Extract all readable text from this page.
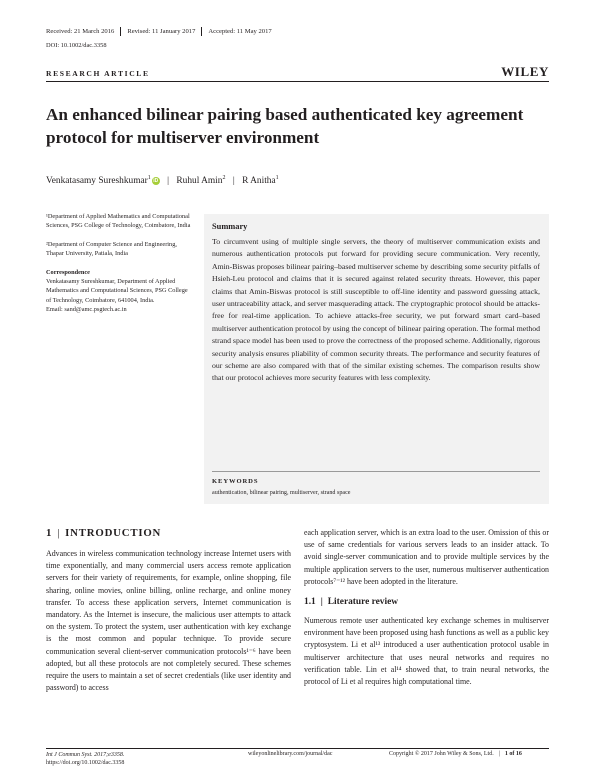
Received: 21 March 2016 Revised: 11 January 2017 Accepted: 11 May 2017
DOI: 10.1002/dac.3358
RESEARCH ARTICLE	WILEY
An enhanced bilinear pairing based authenticated key agreement protocol for multiserver environment
Venkatasamy Sureshkumar$^1$iD | Ruhul Amin$^2$ | R Anitha$^1$

¹Department of Applied Mathematics and Computational Sciences, PSG College of Technology, Coimbatore, India

²Department of Computer Science and Engineering, Thapar University, Patiala, India

Correspondence

Venkatasamy Sureshkumar, Department of Applied Mathematics and Computational Sciences, PSG College of Technology, Coimbatore, 641004, India.

Email: sand@amc.psgtech.ac.in

Summary

To circumvent using of multiple single servers, the theory of multiserver communication exists and numerous authentication protocols put forward for providing secure communication. Very recently, Amin-Biswas proposes bilinear pairing–based multiserver scheme by describing some security pitfalls of Hsieh-Leu protocol and claims that it is secured against related security threats. However, this paper claims that Amin-Biswas protocol is still susceptible to off-line identity and password guessing attack, user untraceability attack, and server masquerading attack. The cryptographic protocol should be attacks-free for real-time application. To achieve attacks-free security, we put forward smart card–based multiserver authentication protocol by using the concept of bilinear pairing operation. The formal method strand space model has been used to prove the correctness of the proposed scheme. Additionally, rigorous security analysis ensures pliability of common security threats. The performance and security features of our scheme are also compared with that of the similar existing schemes. The comparison results show that our protocol achieves more security features with less complexity.

KEYWORDS
authentication, bilinear pairing, multiserver, strand space
1 | INTRODUCTION

Advances in wireless communication technology increase Internet users with time exponentially, and many commercial users access remote application servers for their variety of requirements, for example, online shopping, file sharing, online movies, online billing, online recharge, and online money transfer. To access these application servers, Internet communication is mandatory. As the Internet is insecure, the malicious user attempts to attack on the system. To protect the system, user authentication with key exchange is the most common and popular technique. To provide secure communication several client-server communication protocols¹⁻⁶ have been adopted, but all these protocols are not completely secured. These schemes require the users to maintain a set of secret credentials (like user identity and password) to access

each application server, which is an extra load to the user. Omission of this or use of same credentials for various servers leads to an insider attack. To avoid single-server communication and to provide multiple services by the multiple application servers to the user, numerous multiserver authentication protocols⁷⁻¹² have been adopted in the literature.

1.1 | Literature review

Numerous remote user authenticated key exchange schemes in multiserver environment have been proposed using hash functions as well as a public key cryptosystem. Li et al¹³ introduced a user authentication protocol usable in multiserver architecture that uses neural networks and requires no verification table. Lin et al¹⁴ showed that, to train neural networks, the protocol of Li et al requires high computational time.

Int J Commun Syst. 2017;e3358.
https://doi.org/10.1002/dac.3358
wileyonlinelibrary.com/journal/dac	Copyright © 2017 John Wiley & Sons, Ltd. | 1 of 16
